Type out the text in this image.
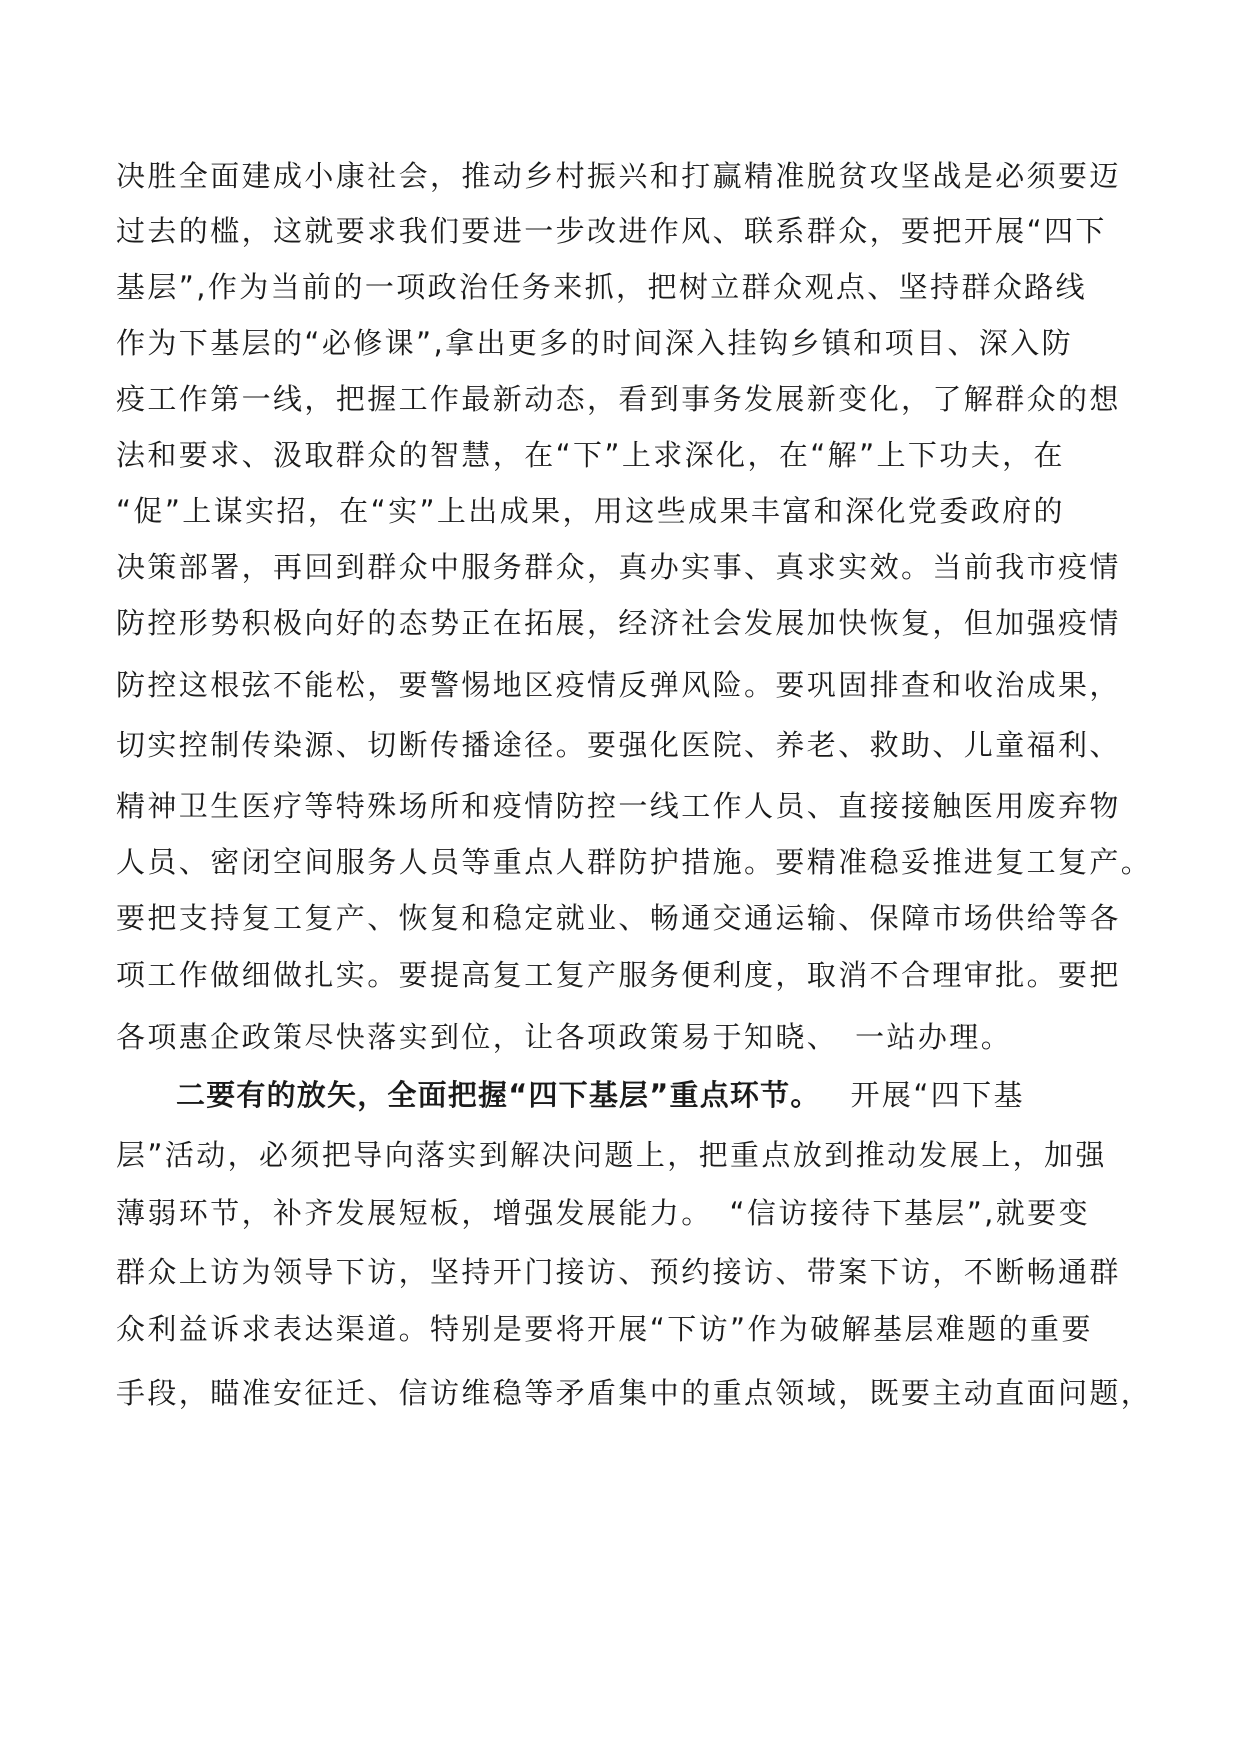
决胜全面建成小康社会，推动乡村振兴和打赢精准脱贫攻坚战是必须要迈
过去的槛，这就要求我们要进一步改进作风、联系群众，要把开展“四下
基层”,作为当前的一项政治任务来抓，把树立群众观点、坚持群众路线
作为下基层的“必修课”,拿出更多的时间深入挂钩乡镇和项目、深入防
疫工作第一线，把握工作最新动态，看到事务发展新变化，了解群众的想
法和要求、汲取群众的智慧，在“下”上求深化，在“解”上下功夫，在
“促”上谋实招，在“实”上出成果，用这些成果丰富和深化党委政府的
决策部署，再回到群众中服务群众，真办实事、真求实效。当前我市疫情
防控形势积极向好的态势正在拓展，经济社会发展加快恢复，但加强疫情
防控这根弦不能松，要警惕地区疫情反弹风险。要巩固排查和收治成果，
切实控制传染源、切断传播途径。要强化医院、养老、救助、儿童福利、
精神卫生医疗等特殊场所和疫情防控一线工作人员、直接接触医用废弃物
人员、密闭空间服务人员等重点人群防护措施。要精准稳妥推进复工复产。
要把支持复工复产、恢复和稳定就业、畅通交通运输、保障市场供给等各
项工作做细做扎实。要提高复工复产服务便利度，取消不合理审批。要把
各项惠企政策尽快落实到位，让各项政策易于知晓、　一站办理。
二要有的放矢，全面把握“四下基层”重点环节。 开展“四下基
层”活动，必须把导向落实到解决问题上，把重点放到推动发展上，加强
薄弱环节，补齐发展短板，增强发展能力。　“信访接待下基层”,就要变
群众上访为领导下访，坚持开门接访、预约接访、带案下访，不断畅通群
众利益诉求表达渠道。特别是要将开展“下访”作为破解基层难题的重要
手段，瞄准安征迁、信访维稳等矛盾集中的重点领域，既要主动直面问题，
